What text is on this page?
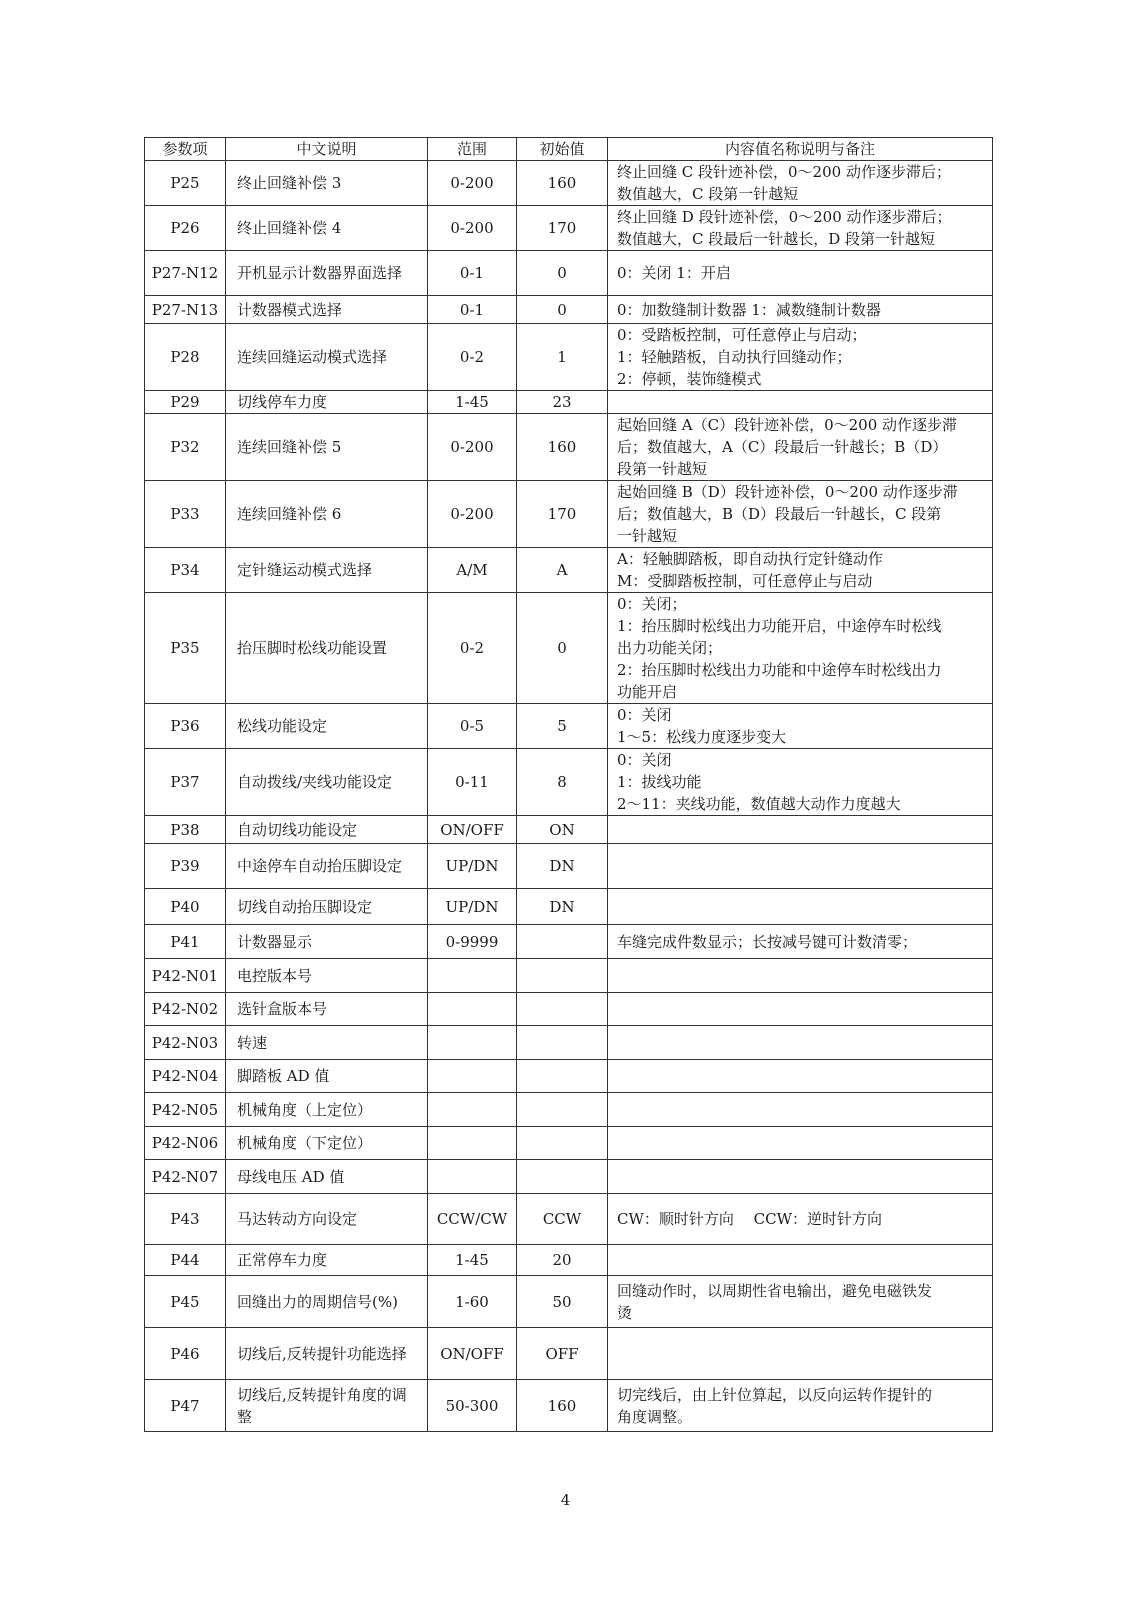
参数项	中文说明	范围	初始值	内容值名称说明与备注
P25	终止回缝补偿 3	0-200	160	终止回缝 C 段针迹补偿，0～200 动作逐步滞后；
数值越大，C 段第一针越短

P26	终止回缝补偿 4	0-200	170	终止回缝 D 段针迹补偿，0～200 动作逐步滞后；
数值越大，C 段最后一针越长，D 段第一针越短

P27-N12	开机显示计数器界面选择	0-1	0	0：关闭 1：开启

P27-N13	计数器模式选择	0-1	0	0：加数缝制计数器 1：减数缝制计数器

P28	连续回缝运动模式选择	0-2	1	0：受踏板控制，可任意停止与启动；
1：轻触踏板，自动执行回缝动作；
2：停顿，装饰缝模式

P29	切线停车力度	1-45	23	
P32	连续回缝补偿 5	0-200	160	起始回缝 A（C）段针迹补偿，0～200 动作逐步滞
后；数值越大，A（C）段最后一针越长；B（D）
段第一针越短

P33	连续回缝补偿 6	0-200	170	起始回缝 B（D）段针迹补偿，0～200 动作逐步滞
后；数值越大，B（D）段最后一针越长，C 段第
一针越短

P34	定针缝运动模式选择	A/M	A	A：轻触脚踏板，即自动执行定针缝动作
M：受脚踏板控制，可任意停止与启动

P35	抬压脚时松线功能设置	0-2	0	0：关闭；
1：抬压脚时松线出力功能开启，中途停车时松线
出力功能关闭；
2：抬压脚时松线出力功能和中途停车时松线出力
功能开启

P36	松线功能设定	0-5	5	0：关闭
1～5：松线力度逐步变大

P37	自动拨线/夹线功能设定	0-11	8	0：关闭
1：拔线功能
2～11：夹线功能，数值越大动作力度越大

P38	自动切线功能设定	ON/OFF	ON	
P39	中途停车自动抬压脚设定	UP/DN	DN	
P40	切线自动抬压脚设定	UP/DN	DN	
P41	计数器显示	0-9999		车缝完成件数显示；长按减号键可计数清零；

P42-N01	电控版本号			
P42-N02	选针盒版本号			
P42-N03	转速			
P42-N04	脚踏板 AD 值			
P42-N05	机械角度（上定位）			
P42-N06	机械角度（下定位）			
P42-N07	母线电压 AD 值			
P43	马达转动方向设定	CCW/CW	CCW	CW：顺时针方向　 CCW：逆时针方向

P44	正常停车力度	1-45	20	
P45	回缝出力的周期信号(%)	1-60	50	回缝动作时，以周期性省电输出，避免电磁铁发
烫

P46	切线后,反转提针功能选择	ON/OFF	OFF	
P47	切线后,反转提针角度的调整	50-300	160	切完线后，由上针位算起，以反向运转作提针的
角度调整。
4
